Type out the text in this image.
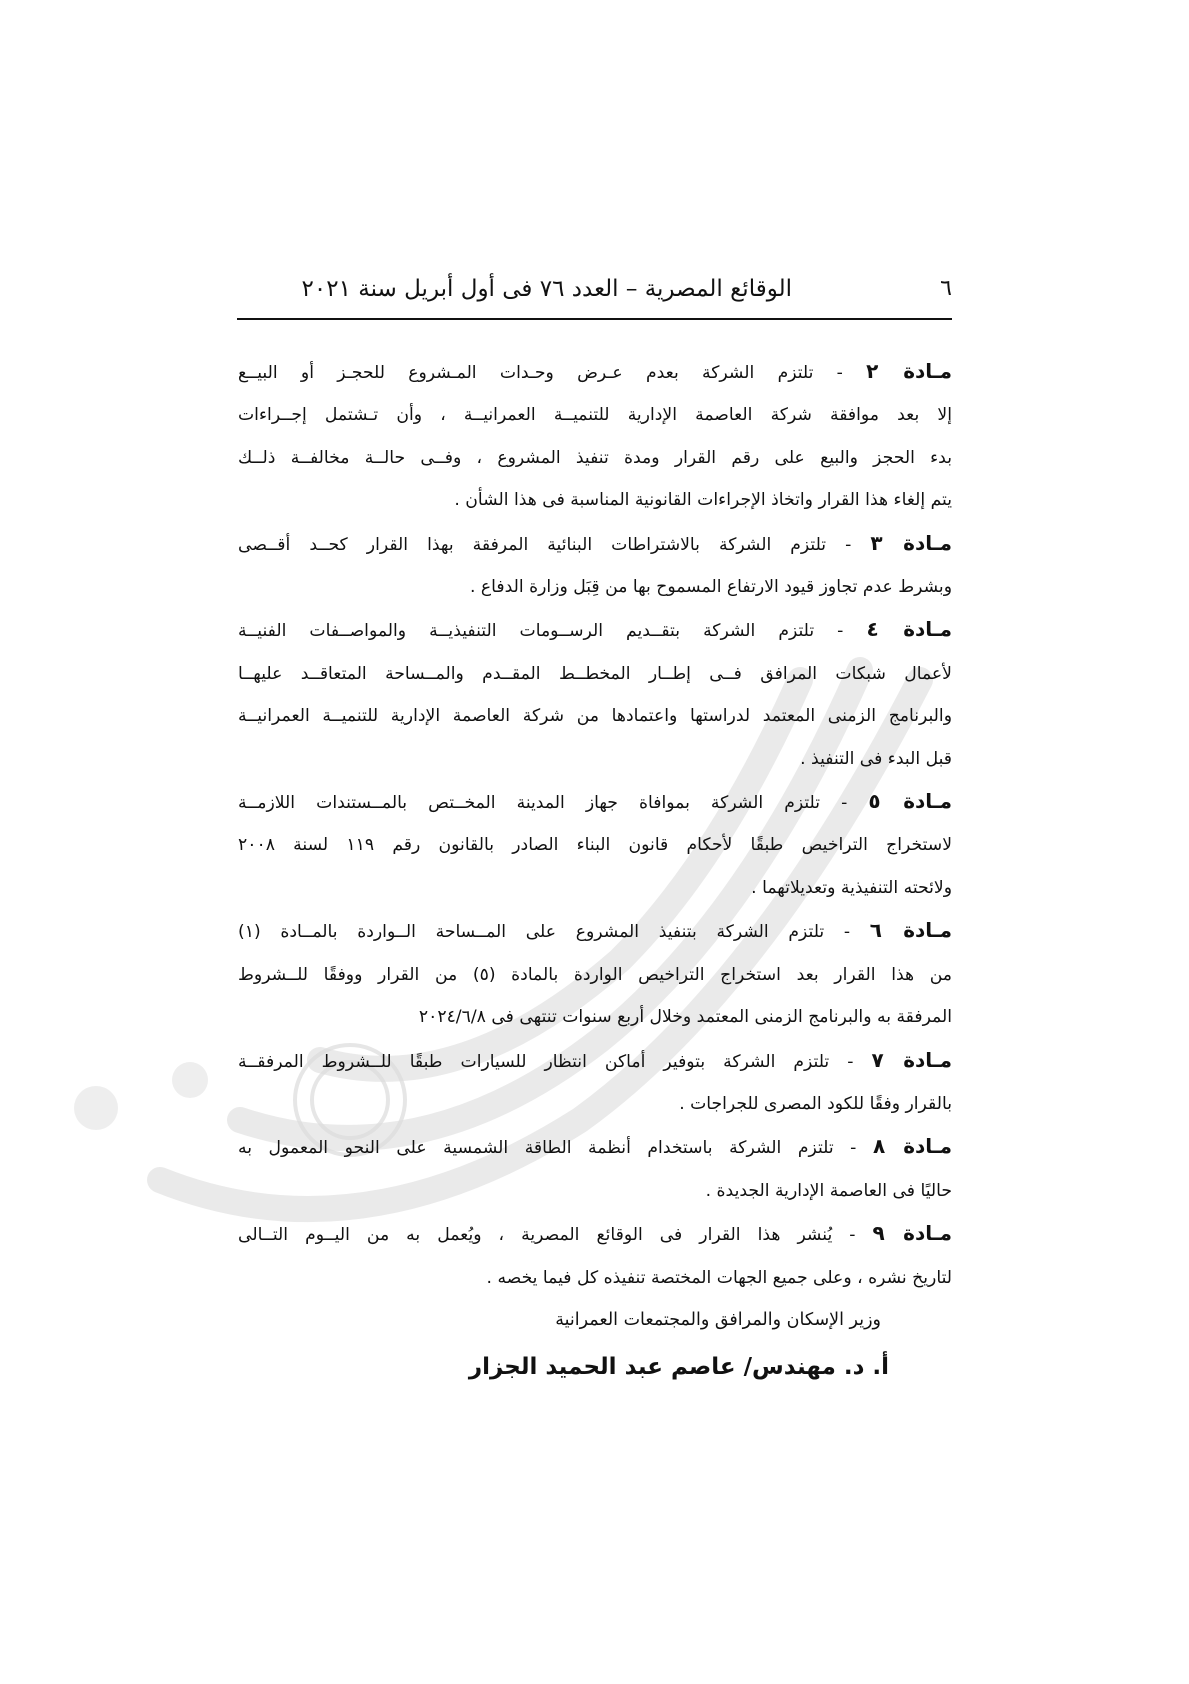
٦
الوقائع المصرية – العدد ٧٦ فى أول أبريل سنة ٢٠٢١

مـادة ٢ - تلتزم الشركة بعدم عـرض وحـدات المـشروع للحجـز أو البيــع

إلا بعد موافقة شركة العاصمة الإدارية للتنميــة العمرانيــة ، وأن تـشتمل إجــراءات

بدء الحجز والبيع على رقم القرار ومدة تنفيذ المشروع ، وفــى حالــة مخالفــة ذلــك

يتم إلغاء هذا القرار واتخاذ الإجراءات القانونية المناسبة فى هذا الشأن .

مـادة ٣ - تلتزم الشركة بالاشتراطات البنائية المرفقة بهذا القرار كحــد أقــصى

وبشرط عدم تجاوز قيود الارتفاع المسموح بها من قِبَل وزارة الدفاع .

مـادة ٤ - تلتزم الشركة بتقــديم الرســومات التنفيذيــة والمواصــفات الفنيــة

لأعمال شبكات المرافق فــى إطــار المخطــط المقــدم والمــساحة المتعاقــد عليهــا

والبرنامج الزمنى المعتمد لدراستها واعتمادها من شركة العاصمة الإدارية للتنميــة العمرانيــة

قبل البدء فى التنفيذ .

مـادة ٥ - تلتزم الشركة بموافاة جهاز المدينة المخــتص بالمــستندات اللازمــة

لاستخراج التراخيص طبقًا لأحكام قانون البناء الصادر بالقانون رقم ١١٩ لسنة ٢٠٠٨

ولائحته التنفيذية وتعديلاتهما .

مـادة ٦ - تلتزم الشركة بتنفيذ المشروع على المــساحة الــواردة بالمــادة (١)

من هذا القرار بعد استخراج التراخيص الواردة بالمادة (٥) من القرار ووفقًا للــشروط

المرفقة به والبرنامج الزمنى المعتمد وخلال أربع سنوات تنتهى فى ٢٠٢٤/٦/٨

مـادة ٧ - تلتزم الشركة بتوفير أماكن انتظار للسيارات طبقًا للــشروط المرفقــة

بالقرار وفقًا للكود المصرى للجراجات .

مـادة ٨ - تلتزم الشركة باستخدام أنظمة الطاقة الشمسية على النحو المعمول به

حاليًا فى العاصمة الإدارية الجديدة .

مـادة ٩ - يُنشر هذا القرار فى الوقائع المصرية ، ويُعمل به من اليــوم التــالى

لتاريخ نشره ، وعلى جميع الجهات المختصة تنفيذه كل فيما يخصه .

وزير الإسكان والمرافق والمجتمعات العمرانية
أ. د. مهندس/ عاصم عبد الحميد الجزار
